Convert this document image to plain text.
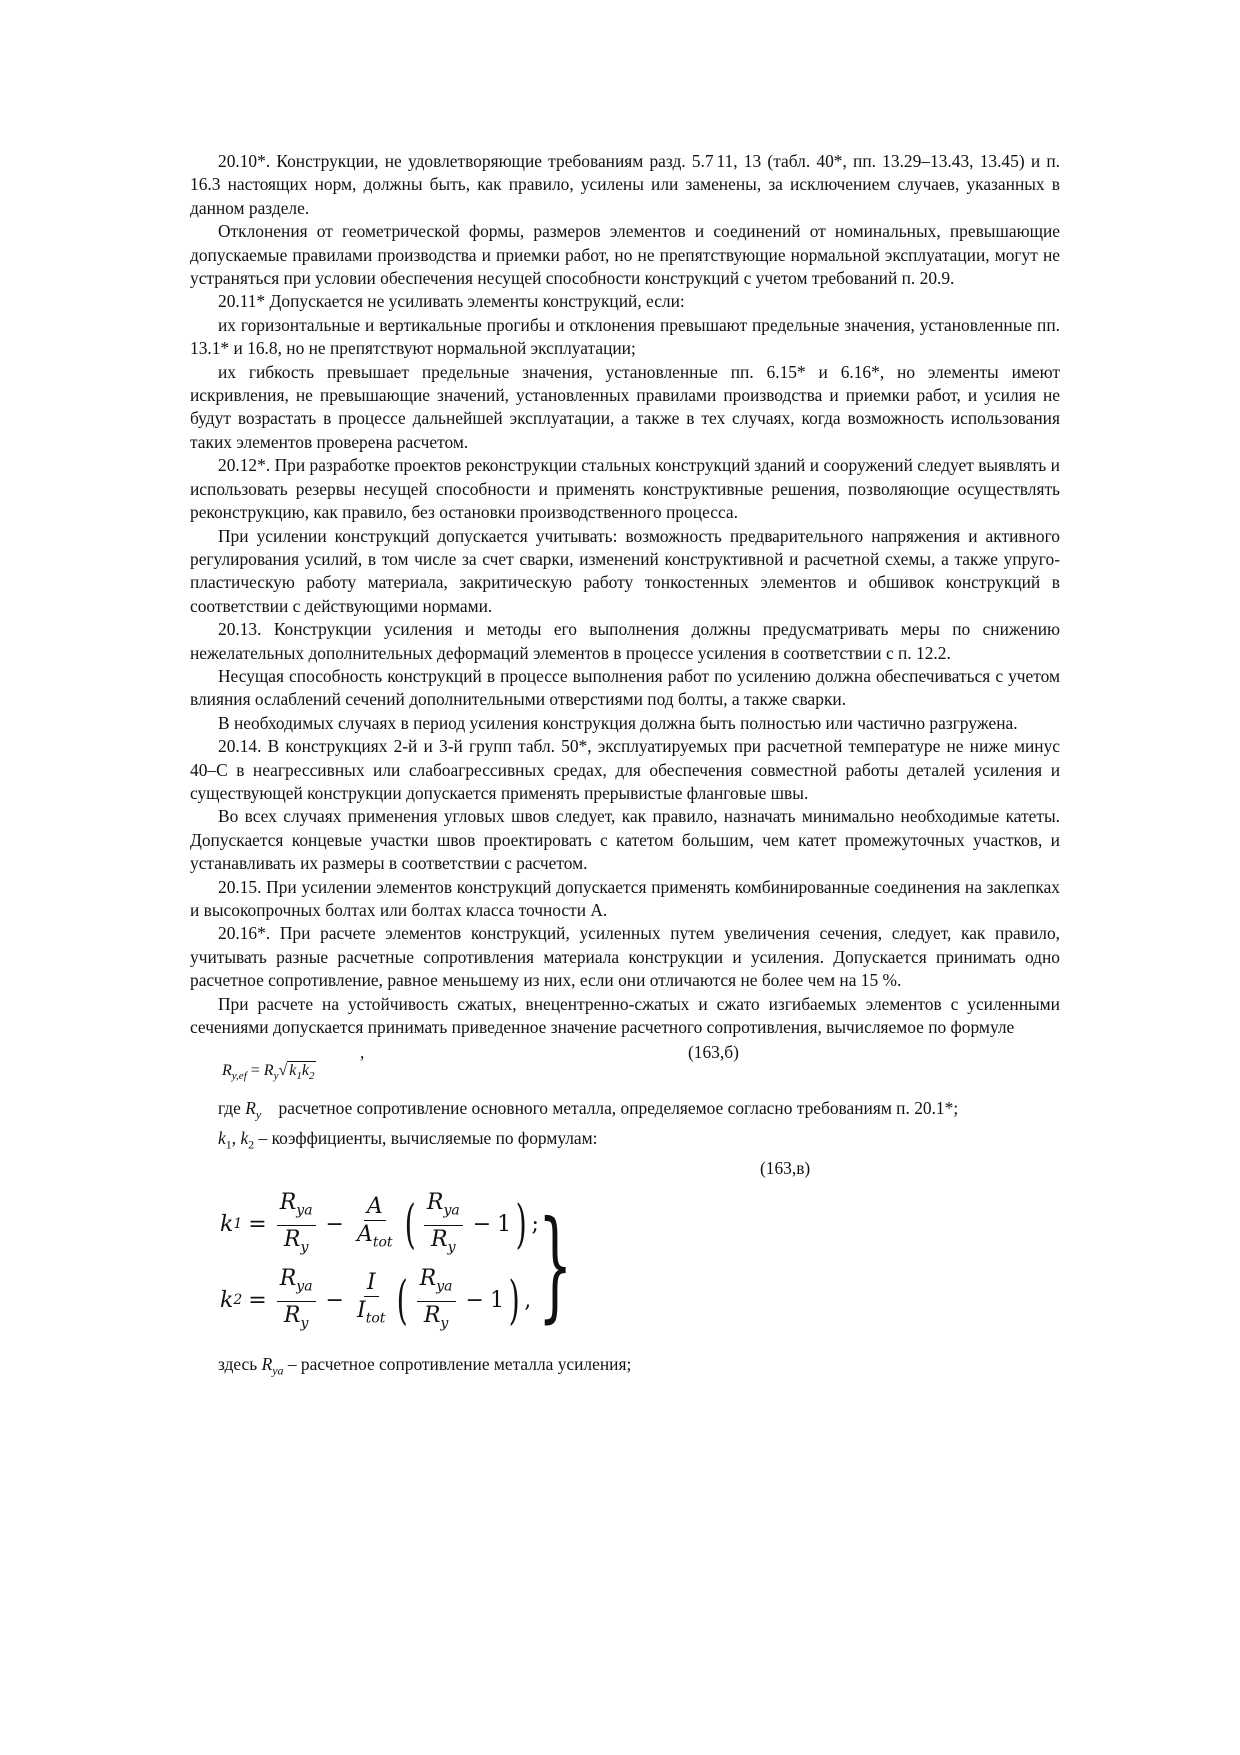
20.10*. Конструкции, не удовлетворяющие требованиям разд. 5.7  11, 13 (табл. 40*, пп. 13.29–13.43, 13.45) и п. 16.3 настоящих норм, должны быть, как правило, усилены или заменены, за исключением случаев, указанных в данном разделе.

Отклонения от геометрической формы, размеров элементов и соединений от номинальных, превышающие допускаемые правилами производства и приемки работ, но не препятствующие нормальной эксплуатации, могут не устраняться при условии обеспечения несущей способности конструкций с учетом требований п. 20.9.

20.11* Допускается не усиливать элементы конструкций, если:

их горизонтальные и вертикальные прогибы и отклонения превышают предельные значения, установленные пп. 13.1* и 16.8, но не препятствуют нормальной эксплуатации;

их гибкость превышает предельные значения, установленные пп. 6.15* и 6.16*, но элементы имеют искривления, не превышающие значений, установленных правилами производства и приемки работ, и усилия не будут возрастать в процессе дальнейшей эксплуатации, а также в тех случаях, когда возможность использования таких элементов проверена расчетом.

20.12*. При разработке проектов реконструкции стальных конструкций зданий и сооружений следует выявлять и использовать резервы несущей способности и применять конструктивные решения, позволяющие осуществлять реконструкцию, как правило, без остановки производственного процесса.

При усилении конструкций допускается учитывать: возможность предварительного напряжения и активного регулирования усилий, в том числе за счет сварки, изменений конструктивной и расчетной схемы, а также упруго-пластическую работу материала, закритическую работу тонкостенных элементов и обшивок конструкций в соответствии с действующими нормами.

20.13. Конструкции усиления и методы его выполнения должны предусматривать меры по снижению нежелательных дополнительных деформаций элементов в процессе усиления в соответствии с п. 12.2.

Несущая способность конструкций в процессе выполнения работ по усилению должна обеспечиваться с учетом влияния ослаблений сечений дополнительными отверстиями под болты, а также сварки.

В необходимых случаях в период усиления конструкция должна быть полностью или частично разгружена.

20.14. В конструкциях 2-й и 3-й групп табл. 50*, эксплуатируемых при расчетной температуре не ниже минус 40–С в неагрессивных или слабоагрессивных средах, для обеспечения совместной работы деталей усиления и существующей конструкции допускается применять прерывистые фланговые швы.

Во всех случаях применения угловых швов следует, как правило, назначать минимально необходимые катеты. Допускается концевые участки швов проектировать с катетом большим, чем катет промежуточных участков, и устанавливать их размеры в соответствии с расчетом.

20.15. При усилении элементов конструкций допускается применять комбинированные соединения на заклепках и высокопрочных болтах или болтах класса точности А.

20.16*. При расчете элементов конструкций, усиленных путем увеличения сечения, следует, как правило, учитывать разные расчетные сопротивления материала конструкции и усиления. Допускается принимать одно расчетное сопротивление, равное меньшему из них, если они отличаются не более чем на 15 %.

При расчете на устойчивость сжатых, внецентренно-сжатых и сжато изгибаемых элементов с усиленными сечениями допускается принимать приведенное значение расчетного сопротивления, вычисляемое по формуле

,	(163,б)
$R_{y,ef} = R_y√$ $k_1k_2$

где $R_y$   расчетное сопротивление основного металла, определяемое согласно требованиям п. 20.1*;

$k_1$, $k_2$ – коэффициенты, вычисляемые по формулам:

(163,в)
k $1 = \frac{R_{ya}}{R_y} - \frac{A}{A_{tot}}$ ( $\frac{R_{ya}}{R_y} - 1$ ) ;
k $2 = \frac{R_{ya}}{R_y} - \frac{I}{I_{tot}}$ ( $\frac{R_{ya}}{R_y} - 1$ ) , }

здесь $R_{ya}$ – расчетное сопротивление металла усиления;
